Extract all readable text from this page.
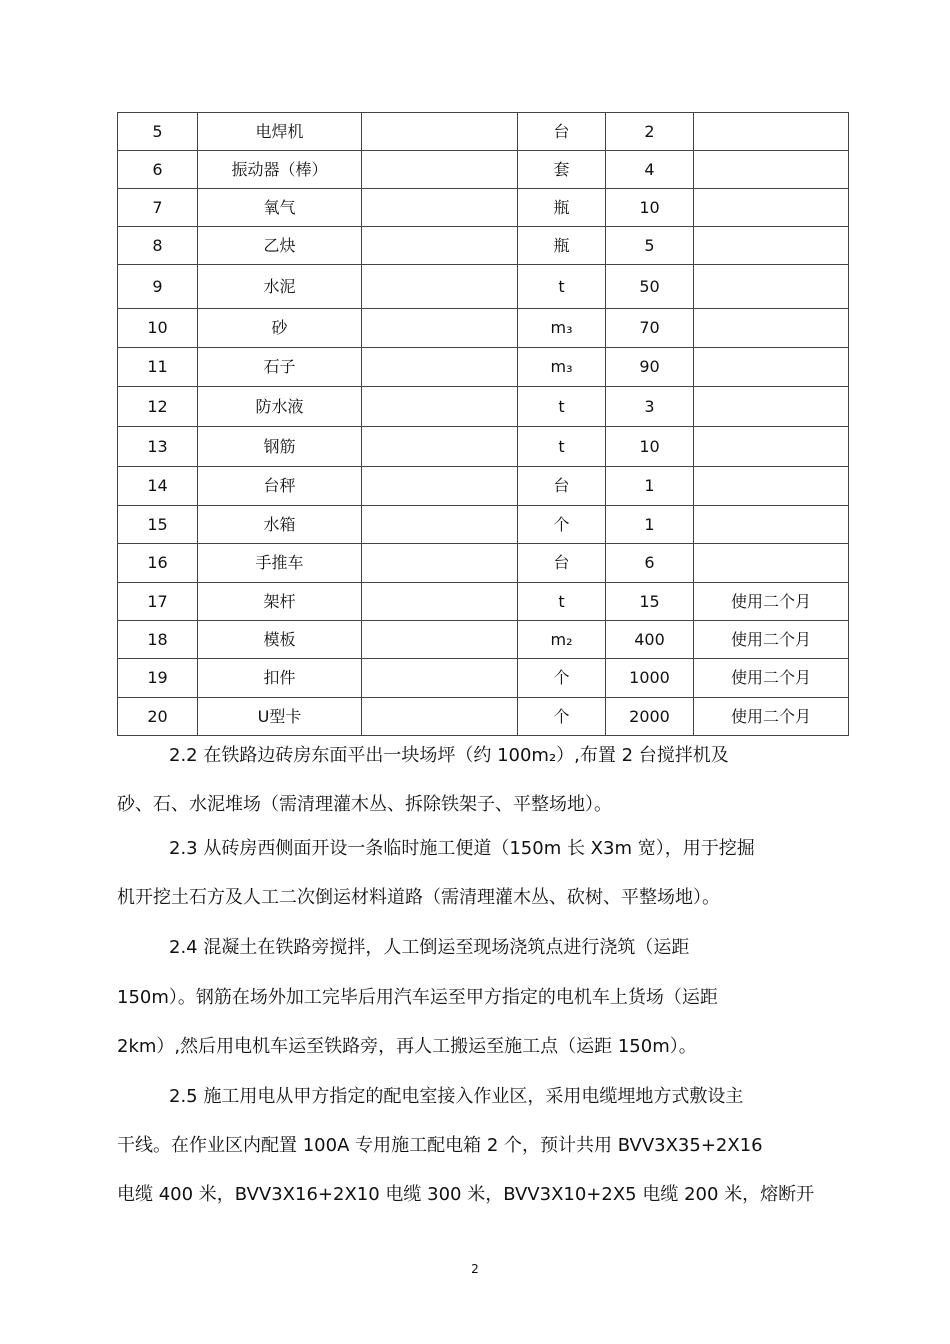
5	电焊机		台	2	
6	振动器（棒）		套	4	
7	氧气		瓶	10	
8	乙炔		瓶	5	
9	水泥		t	50	
10	砂		m₃	70	
11	石子		m₃	90	
12	防水液		t	3	
13	钢筋		t	10	
14	台秤		台	1	
15	水箱		个	1	
16	手推车		台	6	
17	架杆		t	15	使用二个月
18	模板		m₂	400	使用二个月
19	扣件		个	1000	使用二个月
20	U型卡		个	2000	使用二个月
2.2 在铁路边砖房东面平出一块场坪（约 100m₂）,布置 2 台搅拌机及
砂、石、水泥堆场（需清理灌木丛、拆除铁架子、平整场地）。
2.3 从砖房西侧面开设一条临时施工便道（150m 长 X3m 宽），用于挖掘
机开挖土石方及人工二次倒运材料道路（需清理灌木丛、砍树、平整场地）。
2.4 混凝土在铁路旁搅拌，人工倒运至现场浇筑点进行浇筑（运距
150m）。钢筋在场外加工完毕后用汽车运至甲方指定的电机车上货场（运距
2km）,然后用电机车运至铁路旁，再人工搬运至施工点（运距 150m）。
2.5 施工用电从甲方指定的配电室接入作业区，采用电缆埋地方式敷设主
干线。在作业区内配置 100A 专用施工配电箱 2 个，预计共用 BVV3X35+2X16
电缆 400 米，BVV3X16+2X10 电缆 300 米，BVV3X10+2X5 电缆 200 米，熔断开
2
